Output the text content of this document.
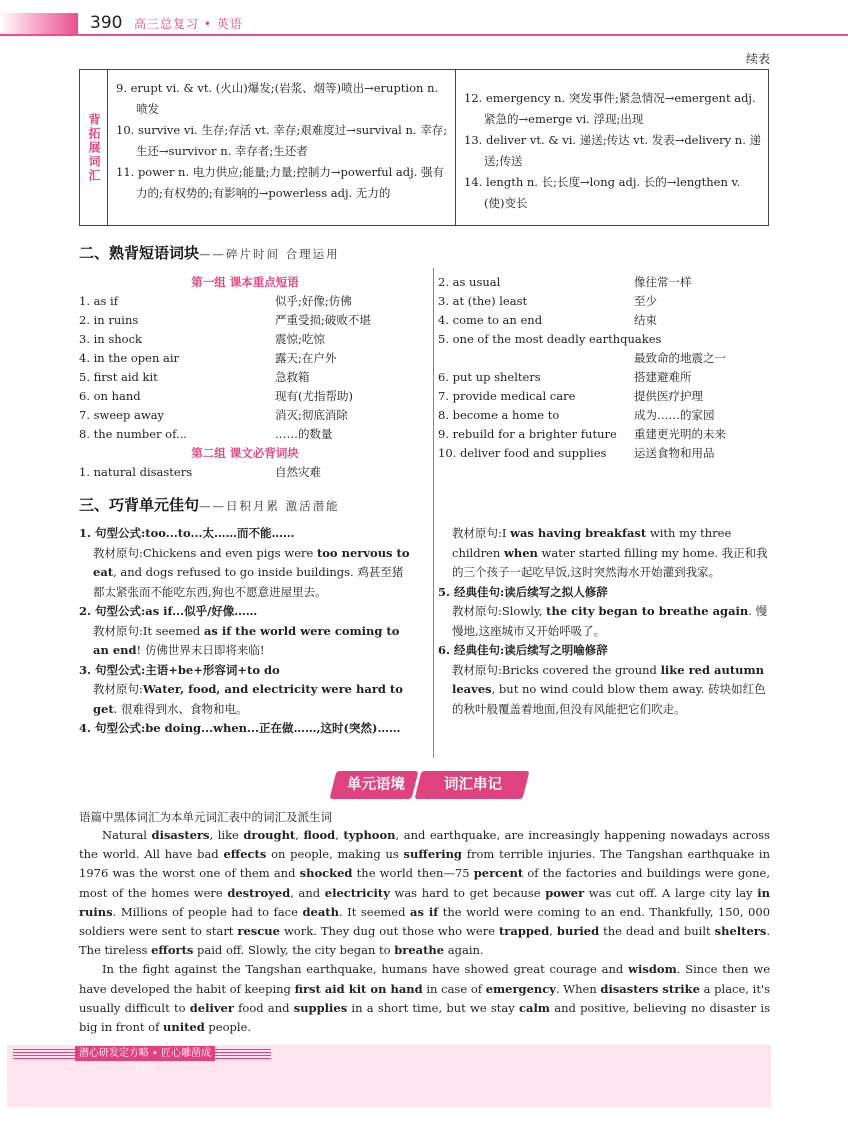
390 高三总复习 • 英语
续表
背拓展词汇

9. erupt vi. & vt. (火山)爆发;(岩浆、烟等)喷出→eruption n. 喷发

10. survive vi. 生存;存活 vt. 幸存;艰难度过→survival n. 幸存;生还→survivor n. 幸存者;生还者

11. power n. 电力供应;能量;力量;控制力→powerful adj. 强有力的;有权势的;有影响的→powerless adj. 无力的

12. emergency n. 突发事件;紧急情况→emergent adj. 紧急的→emerge vi. 浮现;出现

13. deliver vt. & vi. 递送;传达 vt. 发表→delivery n. 递送;传送

14. length n. 长;长度→long adj. 长的→lengthen v. (使)变长

二、熟背短语词块——碎片时间 合理运用
第一组 课本重点短语
1. as if	似乎;好像;仿佛
2. in ruins	严重受损;破败不堪
3. in shock	震惊;吃惊
4. in the open air	露天;在户外
5. first aid kit	急救箱
6. on hand	现有(尤指帮助)
7. sweep away	消灭;彻底消除
8. the number of...	……的数量
第二组 课文必背词块
1. natural disasters	自然灾难
2. as usual	像往常一样
3. at (the) least	至少
4. come to an end	结束
5. one of the most deadly earthquakes
最致命的地震之一
6. put up shelters	搭建避难所
7. provide medical care	提供医疗护理
8. become a home to	成为……的家园
9. rebuild for a brighter future 重建更光明的未来
10. deliver food and supplies 运送食物和用品
三、巧背单元佳句——日积月累 激活潜能

1. 句型公式:too...to...太……而不能……

教材原句:Chickens and even pigs were too nervous to eat, and dogs refused to go inside buildings. 鸡甚至猪都太紧张而不能吃东西,狗也不愿意进屋里去。

2. 句型公式:as if...似乎/好像……

教材原句:It seemed as if the world were coming to an end! 仿佛世界末日即将来临!

3. 句型公式:主语+be+形容词+to do

教材原句:Water, food, and electricity were hard to get. 很难得到水、食物和电。

4. 句型公式:be doing...when...正在做……,这时(突然)……

教材原句:I was having breakfast with my three children when water started filling my home. 我正和我的三个孩子一起吃早饭,这时突然海水开始灌到我家。

5. 经典佳句:读后续写之拟人修辞

教材原句:Slowly, the city began to breathe again. 慢慢地,这座城市又开始呼吸了。

6. 经典佳句:读后续写之明喻修辞

教材原句:Bricks covered the ground like red autumn leaves, but no wind could blow them away. 砖块如红色的秋叶般覆盖着地面,但没有风能把它们吹走。

单元语境	词汇串记
语篇中黑体词汇为本单元词汇表中的词汇及派生词

Natural disasters, like drought, flood, typhoon, and earthquake, are increasingly happening nowadays across the world. All have bad effects on people, making us suffering from terrible injuries. The Tangshan earthquake in 1976 was the worst one of them and shocked the world then—75 percent of the factories and buildings were gone, most of the homes were destroyed, and electricity was hard to get because power was cut off. A large city lay in ruins. Millions of people had to face death. It seemed as if the world were coming to an end. Thankfully, 150, 000 soldiers were sent to start rescue work. They dug out those who were trapped, buried the dead and built shelters. The tireless efforts paid off. Slowly, the city began to breathe again.

In the fight against the Tangshan earthquake, humans have showed great courage and wisdom. Since then we have developed the habit of keeping first aid kit on hand in case of emergency. When disasters strike a place, it's usually difficult to deliver food and supplies in a short time, but we stay calm and positive, believing no disaster is big in front of united people.

潜心研发定方略 • 匠心雕凿成精品
